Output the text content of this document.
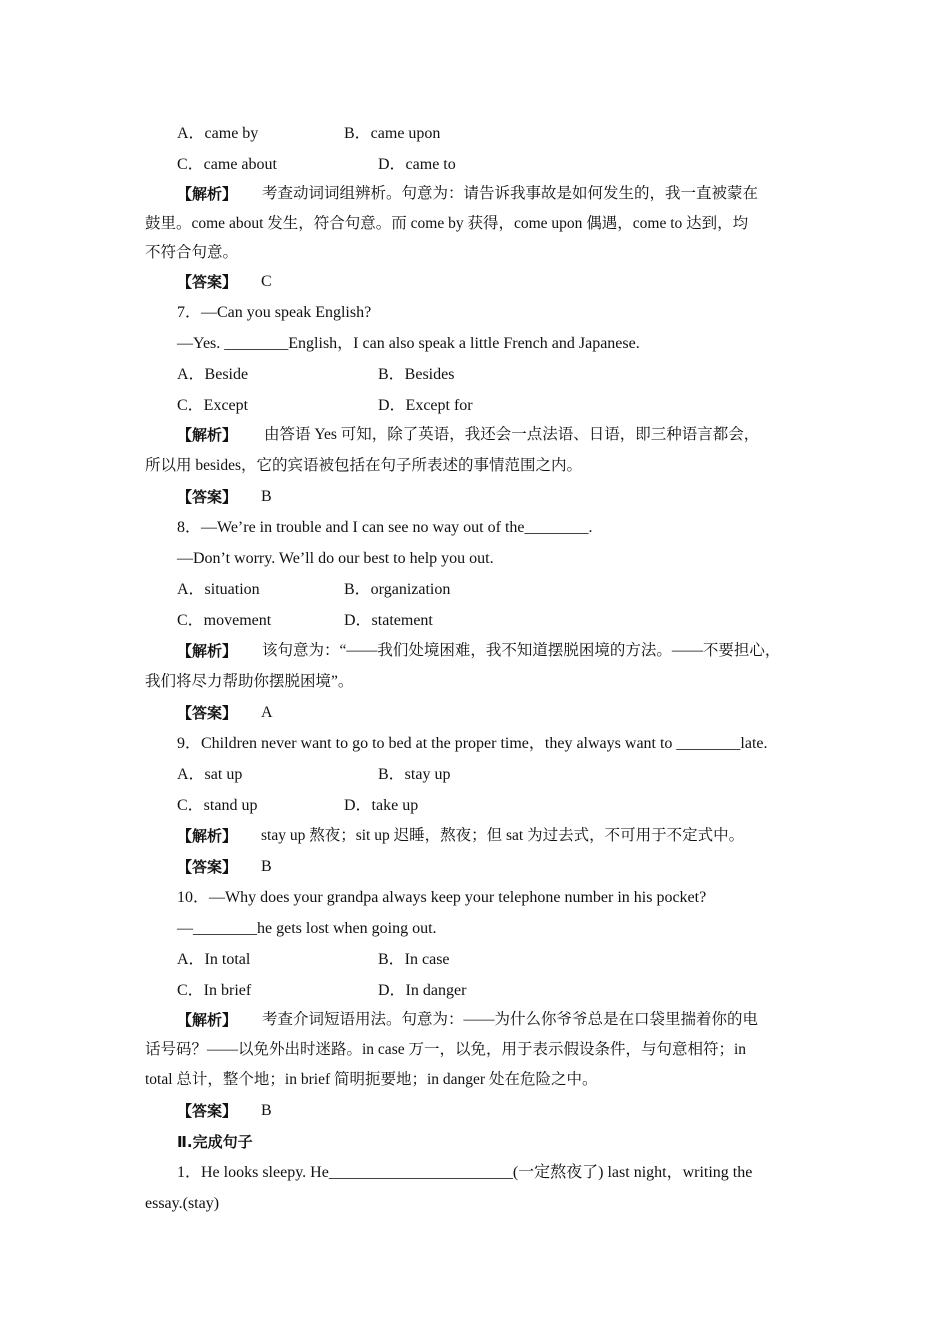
A．came by	B．came upon
C．came about	D．came to
【解析】 考查动词词组辨析。句意为：请告诉我事故是如何发生的，我一直被蒙在
鼓里。come about 发生，符合句意。而 come by 获得，come upon 偶遇，come to 达到，均
不符合句意。
【答案】 C
7．—Can you speak English?
—Yes. ________English，I can also speak a little French and Japanese.
A．Beside	B．Besides
C．Except	D．Except for
【解析】 由答语 Yes 可知，除了英语，我还会一点法语、日语，即三种语言都会，
所以用 besides，它的宾语被包括在句子所表述的事情范围之内。
【答案】 B
8．—We’re in trouble and I can see no way out of the________.
—Don’t worry. We’ll do our best to help you out.
A．situation	B．organization
C．movement	D．statement
【解析】 该句意为：“——我们处境困难，我不知道摆脱困境的方法。——不要担心，
我们将尽力帮助你摆脱困境”。
【答案】 A
9．Children never want to go to bed at the proper time，they always want to ________late.
A．sat up	B．stay up
C．stand up	D．take up
【解析】 stay up 熬夜；sit up 迟睡，熬夜；但 sat 为过去式，不可用于不定式中。
【答案】 B
10．—Why does your grandpa always keep your telephone number in his pocket?
—________he gets lost when going out.
A．In total	B．In case
C．In brief	D．In danger
【解析】 考查介词短语用法。句意为：——为什么你爷爷总是在口袋里揣着你的电
话号码？——以免外出时迷路。in case 万一，以免，用于表示假设条件，与句意相符；in
total 总计，整个地；in brief 简明扼要地；in danger 处在危险之中。
【答案】 B
Ⅱ.完成句子
1．He looks sleepy. He_______________________(一定熬夜了) last night，writing the
essay.(stay)
